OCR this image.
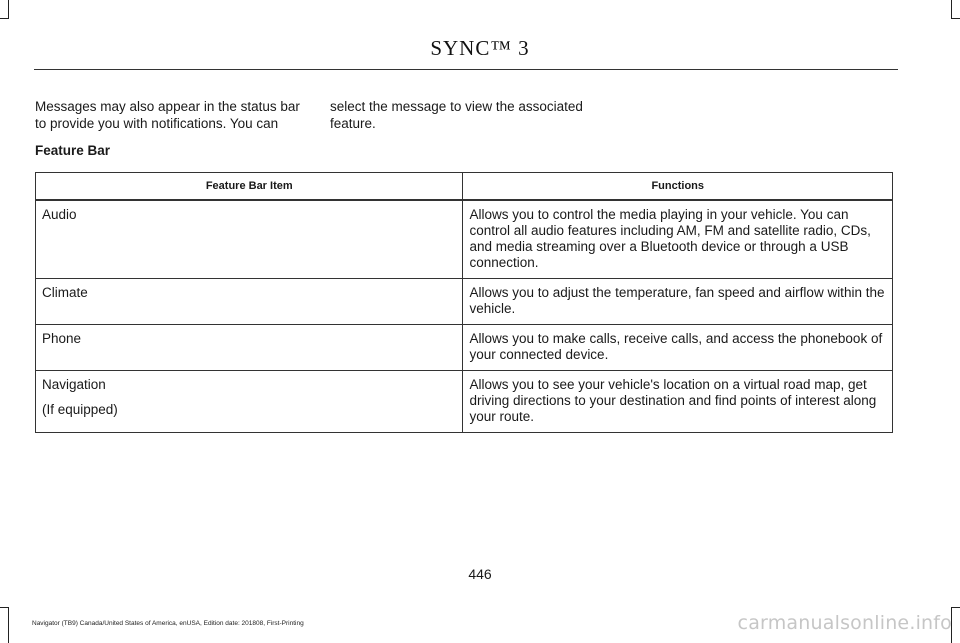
SYNC™ 3

Messages may also appear in the status bar to provide you with notifications. You can

select the message to view the associated feature.

Feature Bar
Feature Bar Item	Functions

Audio	Allows you to control the media playing in your vehicle. You can control all audio features including AM, FM and satellite radio, CDs, and media streaming over a Bluetooth device or through a USB connection.

Climate	Allows you to adjust the temperature, fan speed and airflow within the vehicle.

Phone	Allows you to make calls, receive calls, and access the phonebook of your connected device.

Navigation
(If equipped)	Allows you to see your vehicle's location on a virtual road map, get driving directions to your destination and find points of interest along your route.
446
Navigator (TB9) Canada/United States of America, enUSA, Edition date: 201808, First-Printing	carmanualsonline.info
